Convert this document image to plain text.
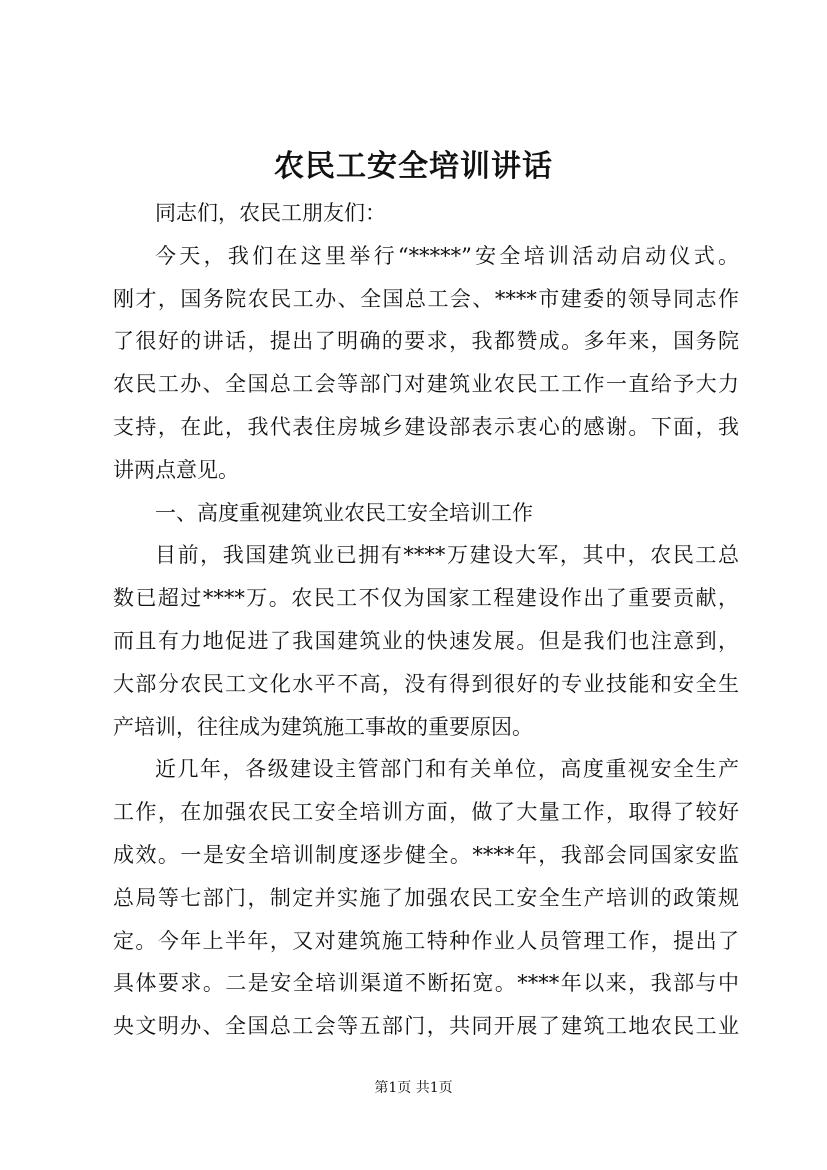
农民工安全培训讲话
同志们，农民工朋友们：
今天，我们在这里举行“*****”安全培训活动启动仪式。
刚才，国务院农民工办、全国总工会、****市建委的领导同志作
了很好的讲话，提出了明确的要求，我都赞成。多年来，国务院
农民工办、全国总工会等部门对建筑业农民工工作一直给予大力
支持，在此，我代表住房城乡建设部表示衷心的感谢。下面，我
讲两点意见。
一、高度重视建筑业农民工安全培训工作
目前，我国建筑业已拥有****万建设大军，其中，农民工总
数已超过****万。农民工不仅为国家工程建设作出了重要贡献，
而且有力地促进了我国建筑业的快速发展。但是我们也注意到，
大部分农民工文化水平不高，没有得到很好的专业技能和安全生
产培训，往往成为建筑施工事故的重要原因。
近几年，各级建设主管部门和有关单位，高度重视安全生产
工作，在加强农民工安全培训方面，做了大量工作，取得了较好
成效。一是安全培训制度逐步健全。****年，我部会同国家安监
总局等七部门，制定并实施了加强农民工安全生产培训的政策规
定。今年上半年，又对建筑施工特种作业人员管理工作，提出了
具体要求。二是安全培训渠道不断拓宽。****年以来，我部与中
央文明办、全国总工会等五部门，共同开展了建筑工地农民工业
第1页 共1页
